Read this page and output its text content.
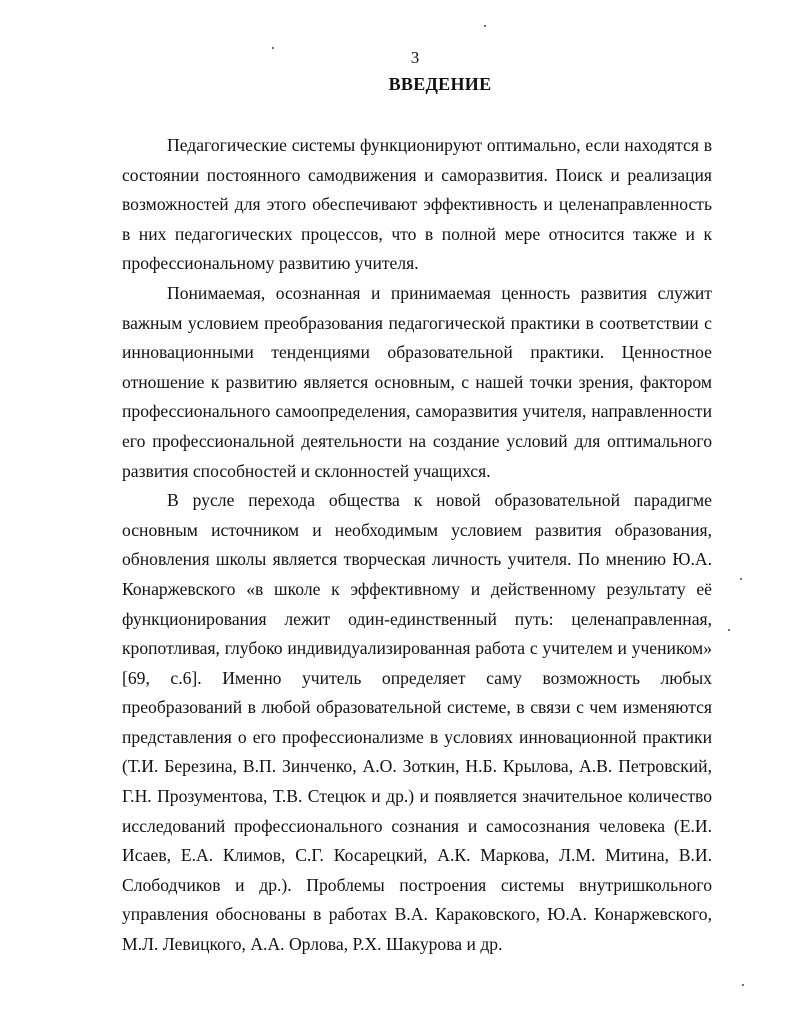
3
ВВЕДЕНИЕ

Педагогические системы функционируют оптимально, если находятся в состоянии постоянного самодвижения и саморазвития. Поиск и реализация возможностей для этого обеспечивают эффективность и целенаправленность в них педагогических процессов, что в полной мере относится также и к профессиональному развитию учителя.

Понимаемая, осознанная и принимаемая ценность развития служит важным условием преобразования педагогической практики в соответствии с инновационными тенденциями образовательной практики. Ценностное отношение к развитию является основным, с нашей точки зрения, фактором профессионального самоопределения, саморазвития учителя, направленности его профессиональной деятельности на создание условий для оптимального развития способностей и склонностей учащихся.

В русле перехода общества к новой образовательной парадигме основным источником и необходимым условием развития образования, обновления школы является творческая личность учителя. По мнению Ю.А. Конаржевского «в школе к эффективному и действенному результату её функционирования лежит один-единственный путь: целенаправленная, кропотливая, глубоко индивидуализированная работа с учителем и учеником» [69, с.6]. Именно учитель определяет саму возможность любых преобразований в любой образовательной системе, в связи с чем изменяются представления о его профессионализме в условиях инновационной практики (Т.И. Березина, В.П. Зинченко, А.О. Зоткин, Н.Б. Крылова, А.В. Петровский, Г.Н. Прозументова, Т.В. Стецюк и др.) и появляется значительное количество исследований профессионального сознания и самосознания человека (Е.И. Исаев, Е.А. Климов, С.Г. Косарецкий, А.К. Маркова, Л.М. Митина, В.И. Слободчиков и др.). Проблемы построения системы внутришкольного управления обоснованы в работах В.А. Караковского, Ю.А. Конаржевского, М.Л. Левицкого, А.А. Орлова, Р.Х. Шакурова и др.
